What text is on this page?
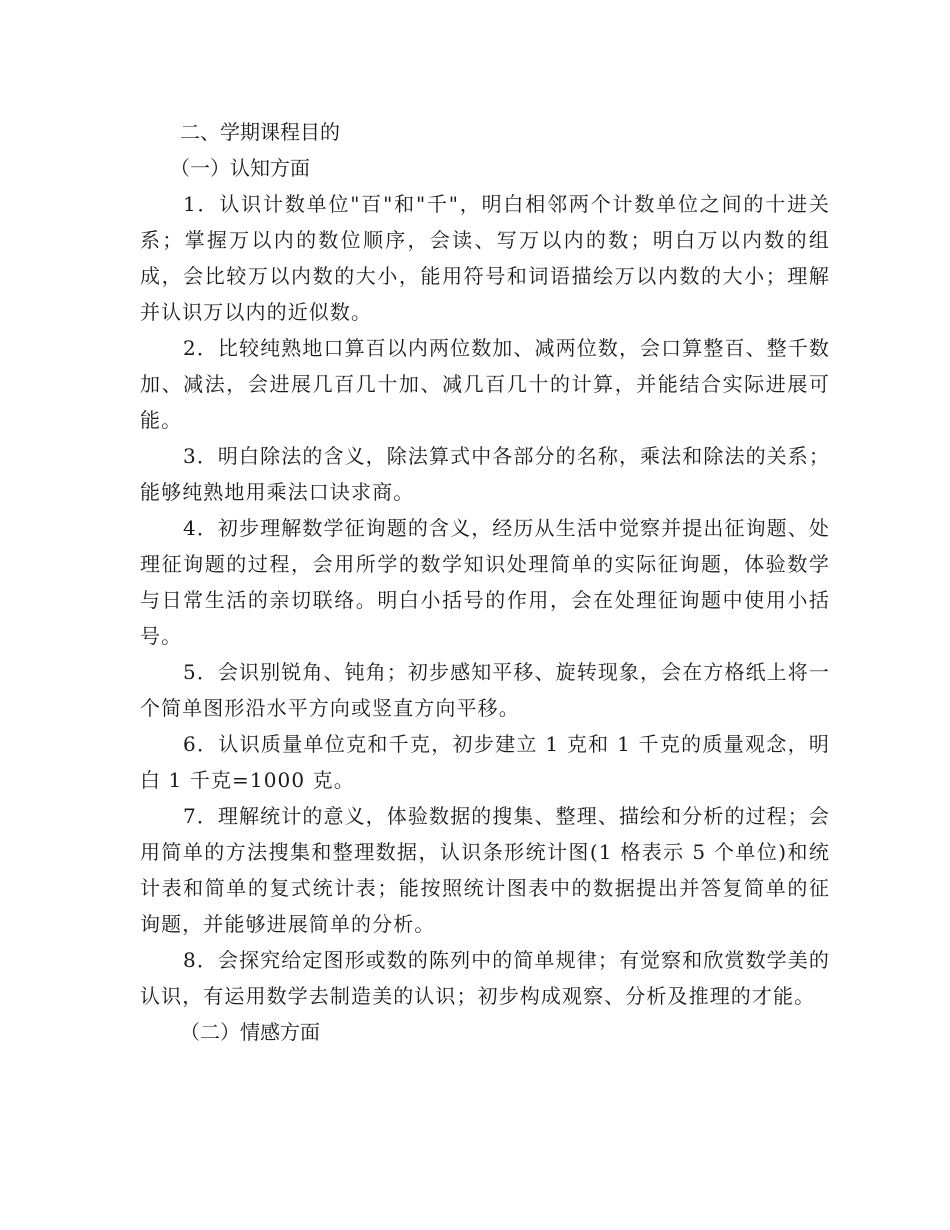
二、学期课程目的

（一）认知方面

1．认识计数单位"百"和"千"，明白相邻两个计数单位之间的十进关系；掌握万以内的数位顺序，会读、写万以内的数；明白万以内数的组成，会比较万以内数的大小，能用符号和词语描绘万以内数的大小；理解并认识万以内的近似数。

2．比较纯熟地口算百以内两位数加、减两位数，会口算整百、整千数加、减法，会进展几百几十加、减几百几十的计算，并能结合实际进展可能。

3．明白除法的含义，除法算式中各部分的名称，乘法和除法的关系；能够纯熟地用乘法口诀求商。

4．初步理解数学征询题的含义，经历从生活中觉察并提出征询题、处理征询题的过程，会用所学的数学知识处理简单的实际征询题，体验数学与日常生活的亲切联络。明白小括号的作用，会在处理征询题中使用小括号。

5．会识别锐角、钝角；初步感知平移、旋转现象，会在方格纸上将一个简单图形沿水平方向或竖直方向平移。

6．认识质量单位克和千克，初步建立 1 克和 1 千克的质量观念，明白 1 千克=1000 克。

7．理解统计的意义，体验数据的搜集、整理、描绘和分析的过程；会用简单的方法搜集和整理数据，认识条形统计图(1 格表示 5 个单位)和统计表和简单的复式统计表；能按照统计图表中的数据提出并答复简单的征询题，并能够进展简单的分析。

8．会探究给定图形或数的陈列中的简单规律；有觉察和欣赏数学美的认识，有运用数学去制造美的认识；初步构成观察、分析及推理的才能。

（二）情感方面
